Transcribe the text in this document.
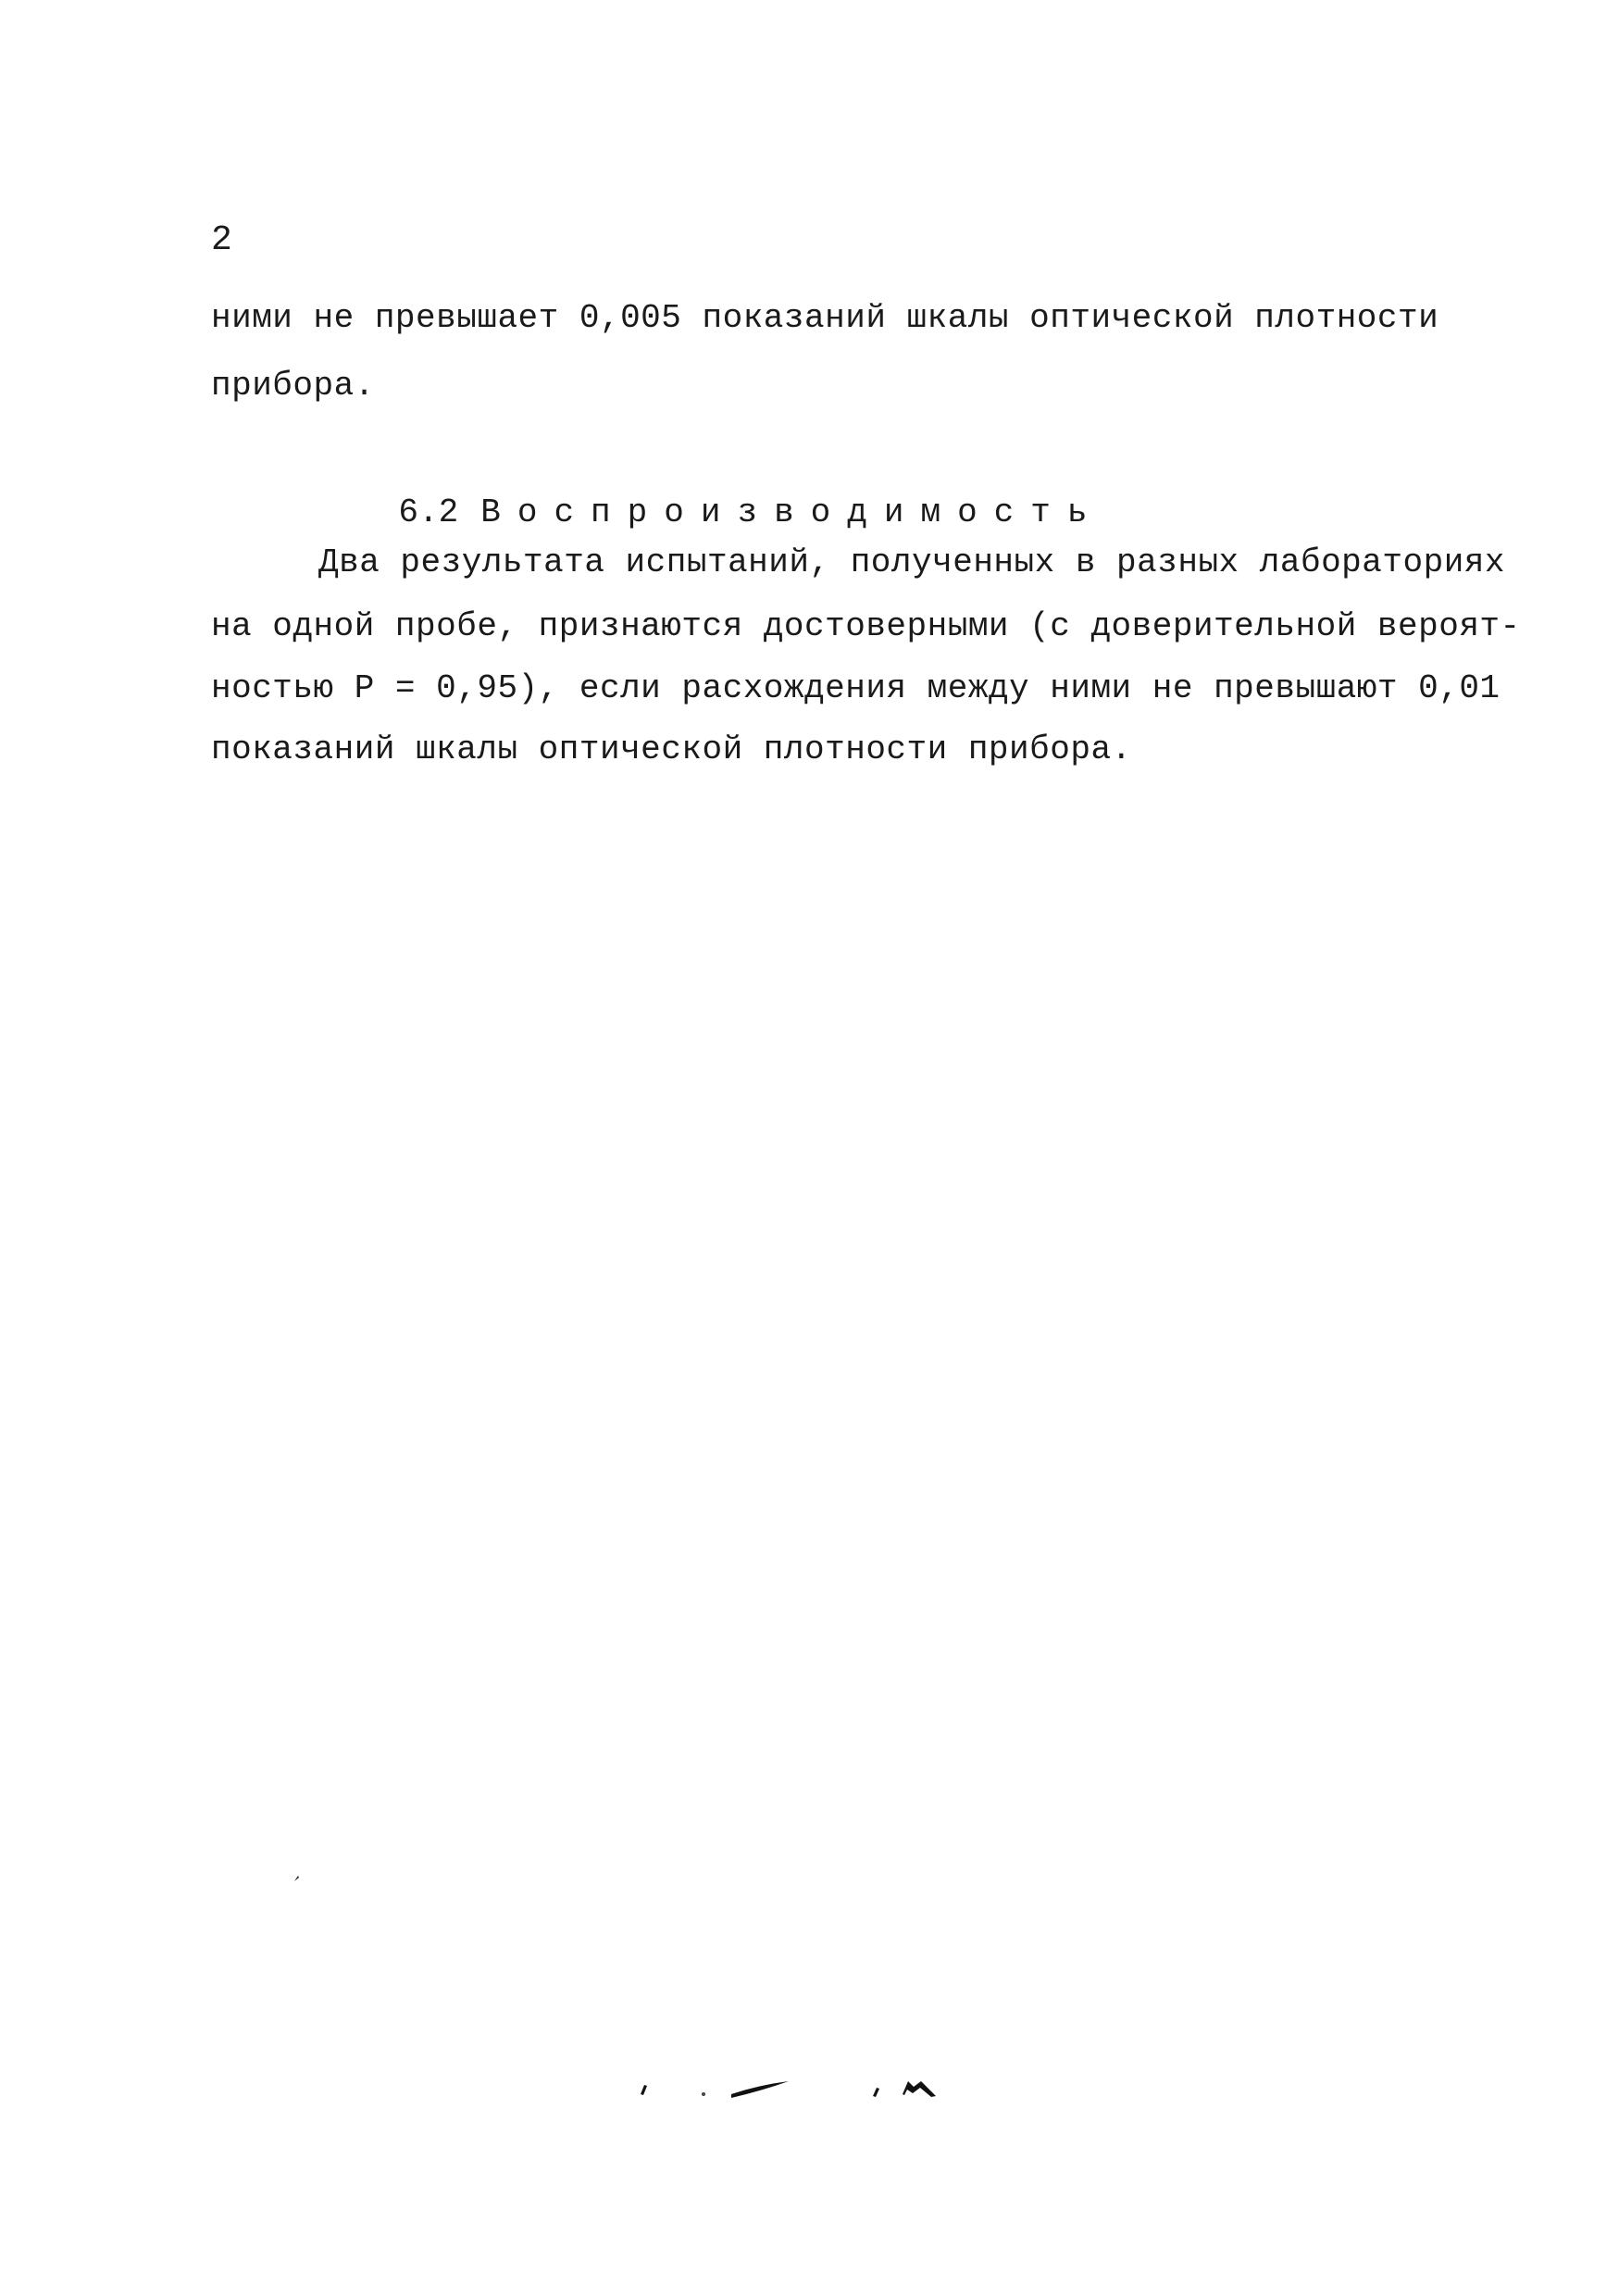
2
ними не превышает 0,005 показаний шкалы оптической плотности
прибора.

6.2 Воспроизводимость

Два результата испытаний, полученных в разных лабораториях
на одной пробе, признаются достоверными (с доверительной вероят-
ностью Р = 0,95), если расхождения между ними не превышают 0,01
показаний шкалы оптической плотности прибора.
